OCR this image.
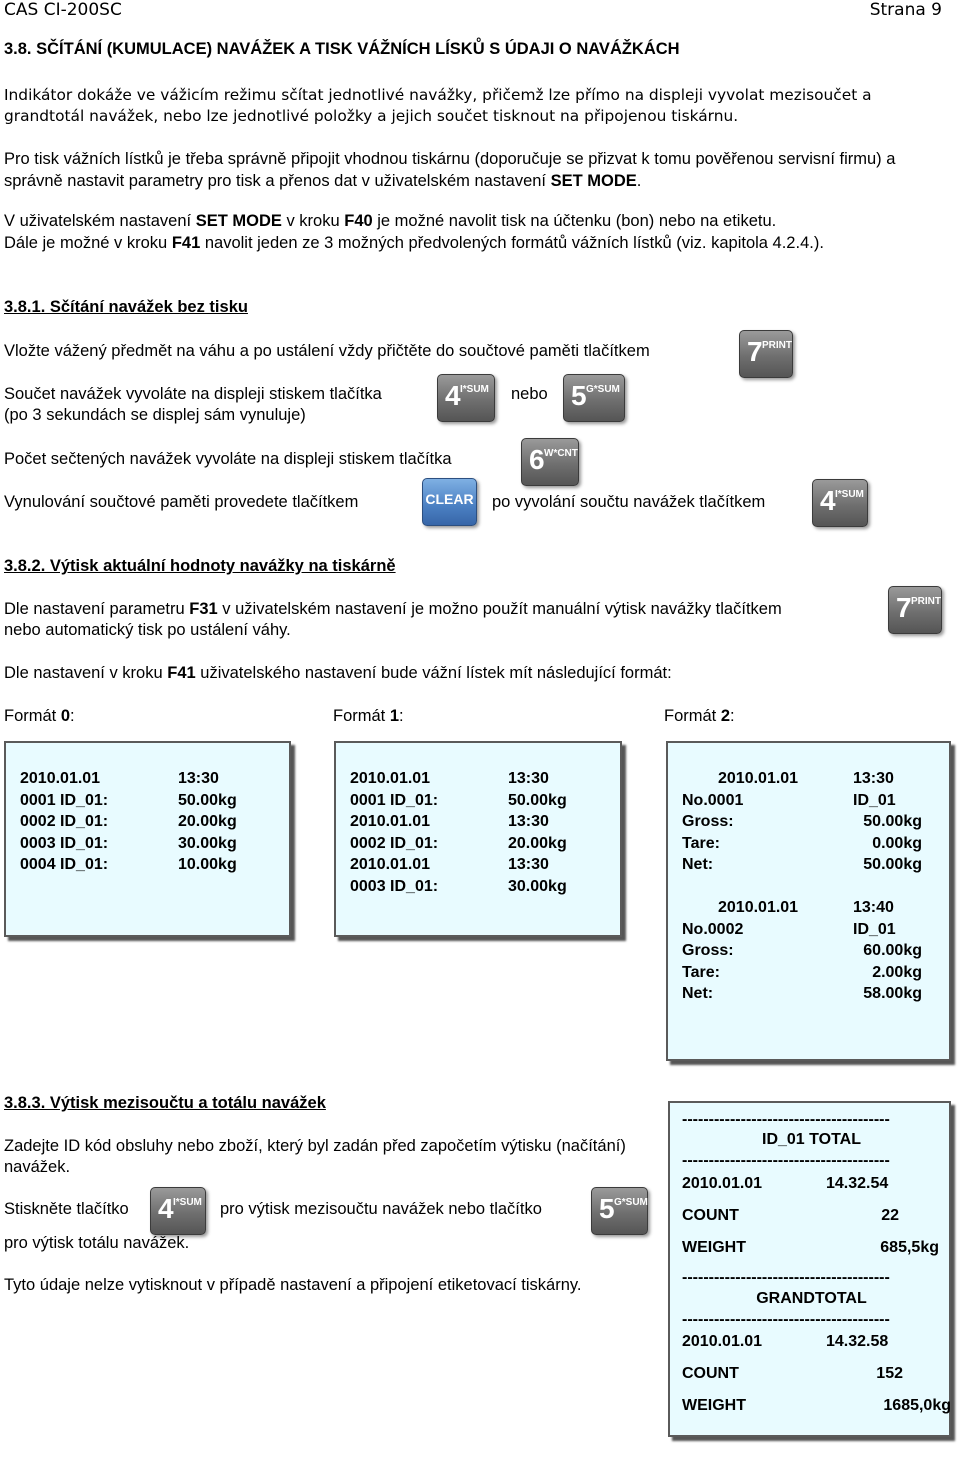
CAS CI-200SC	Strana 9
3.8. SČÍTÁNÍ (KUMULACE) NAVÁŽEK A TISK VÁŽNÍCH LÍSKŮ S ÚDAJI O NAVÁŽKÁCH
Indikátor dokáže ve vážicím režimu sčítat jednotlivé navážky, přičemž lze přímo na displeji vyvolat mezisoučet a grandtotál navážek, nebo lze jednotlivé položky a jejich součet tisknout na připojenou tiskárnu.
Pro tisk vážních lístků je třeba správně připojit vhodnou tiskárnu (doporučuje se přizvat k tomu pověřenou servisní firmu) a správně nastavit parametry pro tisk a přenos dat v uživatelském nastavení SET MODE.
V uživatelském nastavení SET MODE v kroku F40 je možné navolit tisk na účtenku (bon) nebo na etiketu.
Dále je možné v kroku F41 navolit jeden ze 3 možných předvolených formátů vážních lístků (viz. kapitola 4.2.4.).
3.8.1. Sčítání navážek bez tisku
Vložte vážený předmět na váhu a po ustálení vždy přičtěte do součtové paměti tlačítkem	7 PRINT
Součet navážek vyvoláte na displeji stiskem tlačítka 4 I*SUM nebo 5 G*SUM
(po 3 sekundách se displej sám vynuluje)
Počet sečtených navážek vyvoláte na displeji stiskem tlačítka	6 W*CNT
Vynulování součtové paměti provedete tlačítkem	CLEAR po vyvolání součtu navážek tlačítkem 4 I*SUM
3.8.2. Výtisk aktuální hodnoty navážky na tiskárně
Dle nastavení parametru F31 v uživatelském nastavení je možno použít manuální výtisk navážky tlačítkem	7 PRINT
nebo automatický tisk po ustálení váhy.
Dle nastavení v kroku F41 uživatelského nastavení bude vážní lístek mít následující formát:
Formát 0:	Formát 1:	Formát 2:
2010.01.01	13:30
0001 ID_01:	50.00kg
0002 ID_01:	20.00kg
0003 ID_01:	30.00kg
0004 ID_01:	10.00kg
2010.01.01	13:30
0001 ID_01:	50.00kg
2010.01.01	13:30
0002 ID_01:	20.00kg
2010.01.01	13:30
0003 ID_01:	30.00kg
2010.01.01	13:30
No.0001	ID_01
Gross:	50.00kg
Tare:	0.00kg
Net:	50.00kg
2010.01.01	13:40
No.0002	ID_01
Gross:	60.00kg
Tare:	2.00kg
Net:	58.00kg
3.8.3. Výtisk mezisoučtu a totálu navážek
Zadejte ID kód obsluhy nebo zboží, který byl zadán před započetím výtisku (načítání) navážek.
Stiskněte tlačítko 4 I*SUM pro výtisk mezisoučtu navážek nebo tlačítko 5 G*SUM
pro výtisk totálu navážek.
Tyto údaje nelze vytisknout v případě nastavení a připojení etiketovací tiskárny.
---------------------------------------
ID_01 TOTAL
---------------------------------------
2010.01.01	14.32.54
COUNT	22
WEIGHT	685,5kg
---------------------------------------
GRANDTOTAL
---------------------------------------
2010.01.01	14.32.58
COUNT	152
WEIGHT	1685,0kg
